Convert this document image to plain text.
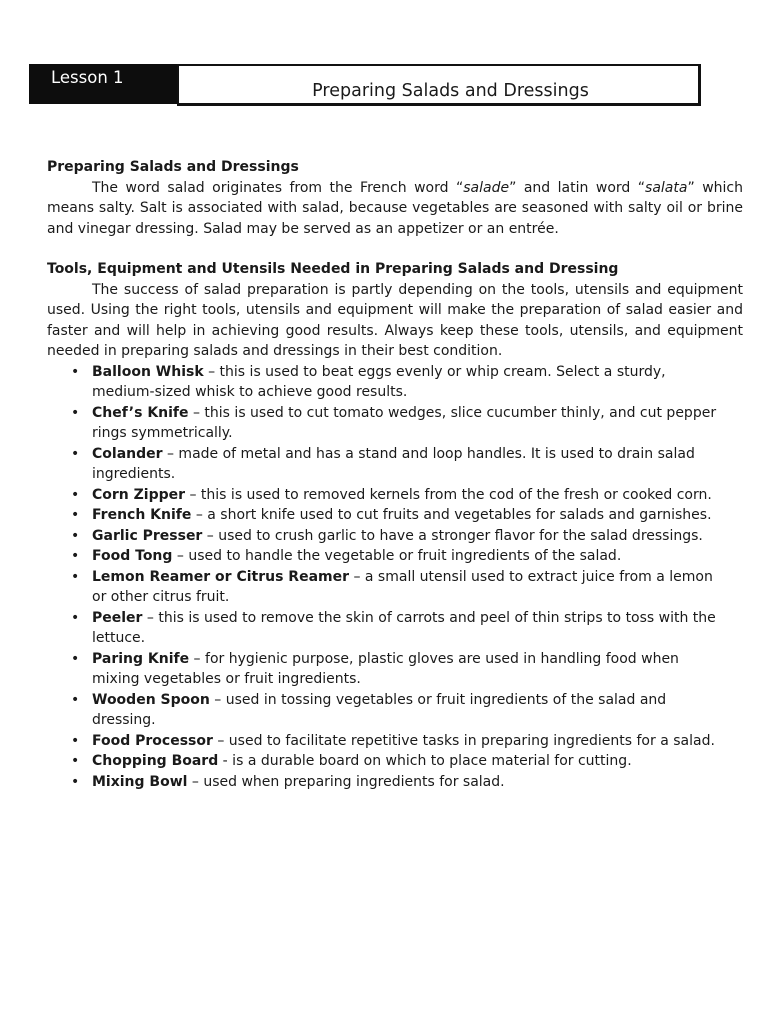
Lesson 1
Preparing Salads and Dressings

Preparing Salads and Dressings

The word salad originates from the French word “salade” and latin word “salata” which means salty. Salt is associated with salad, because vegetables are seasoned with salty oil or brine and vinegar dressing. Salad may be served as an appetizer or an entrée.

Tools, Equipment and Utensils Needed in Preparing Salads and Dressing

The success of salad preparation is partly depending on the tools, utensils and equipment used. Using the right tools, utensils and equipment will make the preparation of salad easier and faster and will help in achieving good results. Always keep these tools, utensils, and equipment needed in preparing salads and dressings in their best condition.

• Balloon Whisk – this is used to beat eggs evenly or whip cream. Select a sturdy, medium-sized whisk to achieve good results.
• Chef’s Knife – this is used to cut tomato wedges, slice cucumber thinly, and cut pepper rings symmetrically.
• Colander – made of metal and has a stand and loop handles. It is used to drain salad ingredients.
• Corn Zipper – this is used to removed kernels from the cod of the fresh or cooked corn.
• French Knife – a short knife used to cut fruits and vegetables for salads and garnishes.
• Garlic Presser – used to crush garlic to have a stronger flavor for the salad dressings.
• Food Tong – used to handle the vegetable or fruit ingredients of the salad.
• Lemon Reamer or Citrus Reamer – a small utensil used to extract juice from a lemon or other citrus fruit.
• Peeler – this is used to remove the skin of carrots and peel of thin strips to toss with the lettuce.
• Paring Knife – for hygienic purpose, plastic gloves are used in handling food when mixing vegetables or fruit ingredients.
• Wooden Spoon – used in tossing vegetables or fruit ingredients of the salad and dressing.
• Food Processor – used to facilitate repetitive tasks in preparing ingredients for a salad.
• Chopping Board - is a durable board on which to place material for cutting.
• Mixing Bowl – used when preparing ingredients for salad.
